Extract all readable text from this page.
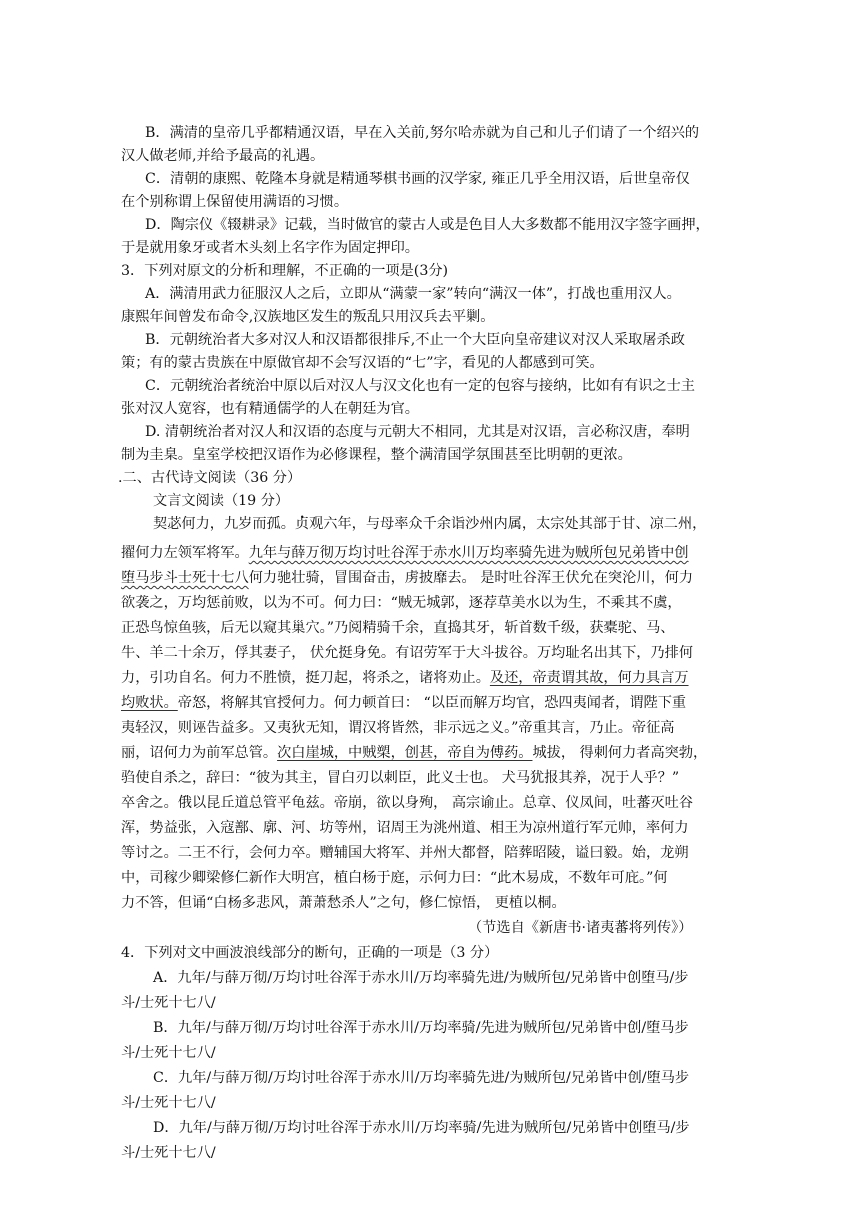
B．满清的皇帝几乎都精通汉语，早在入关前,努尔哈赤就为自己和儿子们请了一个绍兴的
汉人做老师,并给予最高的礼遇。
C．清朝的康熙、乾隆本身就是精通琴棋书画的汉学家, 雍正几乎全用汉语，后世皇帝仅
在个别称谓上保留使用满语的习惯。
D．陶宗仪《辍耕录》记载，当时做官的蒙古人或是色目人大多数都不能用汉字签字画押，
于是就用象牙或者木头刻上名字作为固定押印。
3．下列对原文的分析和理解，不正确的一项是(3分)
A．满清用武力征服汉人之后，立即从“满蒙一家”转向“满汉一体”，打战也重用汉人。
康熙年间曾发布命令,汉族地区发生的叛乱只用汉兵去平剿。
B．元朝统治者大多对汉人和汉语都很排斥,不止一个大臣向皇帝建议对汉人采取屠杀政
策；有的蒙古贵族在中原做官却不会写汉语的“七”字，看见的人都感到可笑。
C．元朝统治者统治中原以后对汉人与汉文化也有一定的包容与接纳，比如有有识之士主
张对汉人宽容，也有精通儒学的人在朝廷为官。
D. 清朝统治者对汉人和汉语的态度与元朝大不相同，尤其是对汉语，言必称汉唐，奉明
制为圭臬。皇室学校把汉语作为必修课程，整个满清国学氛围甚至比明朝的更浓。
.二、古代诗文阅读（36 分）
文言文阅读（19 分）
契苾何力，九岁而孤。贞观六年，与母率众千余诣沙州内属，太宗处其部于甘、凉二州，
擢何力左领军将军。九年与薛万彻万均讨吐谷浑于赤水川万均率骑先进为贼所包兄弟皆中创
堕马步斗士死十七八何力驰壮骑，冒围奋击，虏披靡去。 是时吐谷浑王伏允在突沦川，何力
欲袭之，万均惩前败，以为不可。何力曰：“贼无城郭，逐荐草美水以为生，不乘其不虞，
正恐鸟惊鱼骇，后无以窥其巢穴。”乃阅精骑千余，直捣其牙，斩首数千级，获橐驼、马、
牛、羊二十余万，俘其妻子， 伏允挺身免。有诏劳军于大斗拔谷。万均耻名出其下，乃排何
力，引功自名。何力不胜愤，挺刀起，将杀之，诸将劝止。及还，帝责谓其故，何力具言万
均败状。帝怒，将解其官授何力。何力顿首曰： “以臣而解万均官，恐四夷闻者，谓陛下重
夷轻汉，则诬告益多。又夷狄无知，谓汉将皆然，非示远之义。”帝重其言，乃止。帝征高
丽，诏何力为前军总管。次白崖城，中贼槊，创甚，帝自为傅药。城拔， 得刺何力者高突勃，
驺使自杀之，辞曰：“彼为其主，冒白刃以刺臣，此义士也。 犬马犹报其养，况于人乎？”
卒舍之。俄以昆丘道总管平龟兹。帝崩，欲以身殉， 高宗谕止。总章、仪凤间，吐蕃灭吐谷
浑，势益张，入寇鄯、廓、河、坊等州，诏周王为洮州道、相王为凉州道行军元帅，率何力
等讨之。二王不行，会何力卒。赠辅国大将军、并州大都督，陪葬昭陵，谥曰毅。始，龙朔
中，司稼少卿梁修仁新作大明宫，植白杨于庭，示何力曰：“此木易成，不数年可庇。”何
力不答，但诵“白杨多悲风，萧萧愁杀人”之句，修仁惊悟， 更植以桐。
（节选自《新唐书·诸夷蕃将列传》）
4．下列对文中画波浪线部分的断句，正确的一项是（3 分）
A．九年/与薛万彻/万均讨吐谷浑于赤水川/万均率骑先进/为贼所包/兄弟皆中创堕马/步
斗/士死十七八/
B．九年/与薛万彻/万均讨吐谷浑于赤水川/万均率骑/先进为贼所包/兄弟皆中创/堕马步
斗/士死十七八/
C．九年/与薛万彻/万均讨吐谷浑于赤水川/万均率骑先进/为贼所包/兄弟皆中创/堕马步
斗/士死十七八/
D．九年/与薛万彻/万均讨吐谷浑于赤水川/万均率骑/先进为贼所包/兄弟皆中创堕马/步
斗/士死十七八/
